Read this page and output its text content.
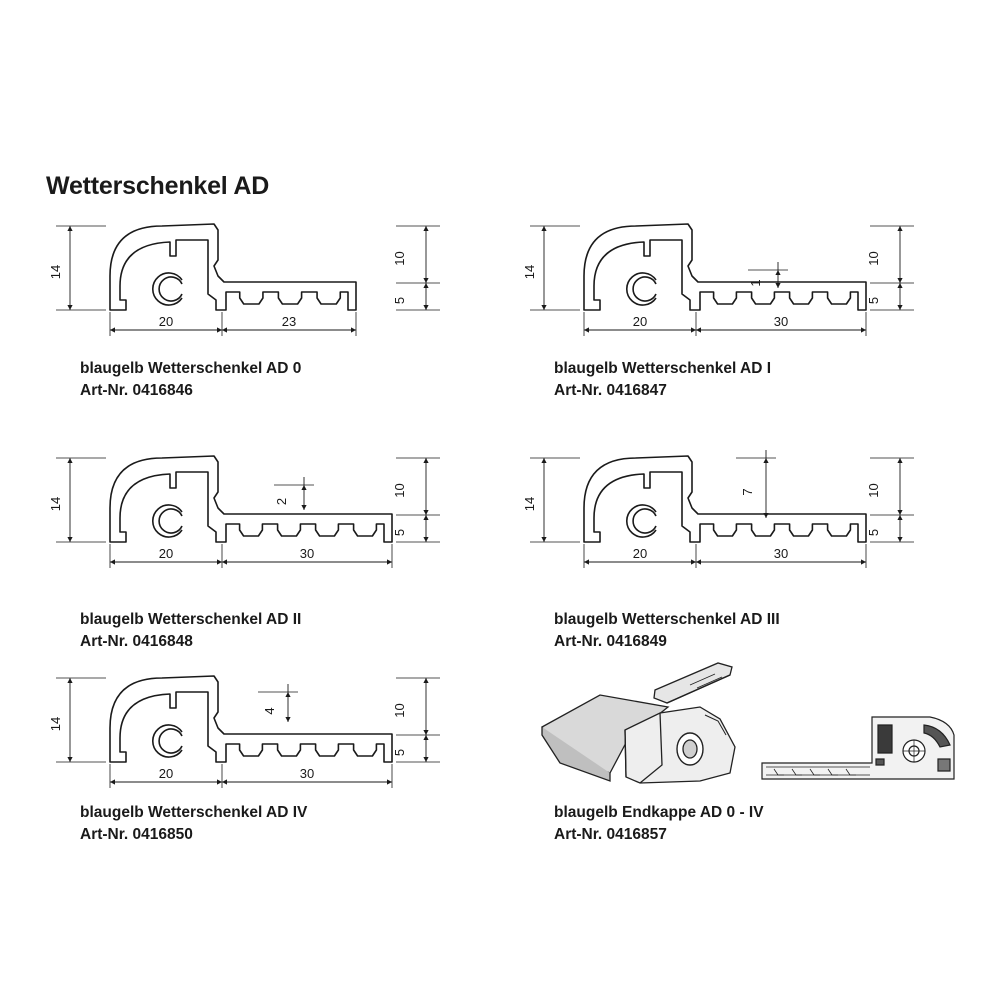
Wetterschenkel AD
14
10
5
20	23
blaugelb Wetterschenkel AD 0
Art-Nr. 0416846
14
10
5
20	30
1
blaugelb Wetterschenkel AD I
Art-Nr. 0416847
14
10
5
20	30
2
blaugelb Wetterschenkel AD II
Art-Nr. 0416848
14
10
5
20	30
7
blaugelb Wetterschenkel AD III
Art-Nr. 0416849
14
10
5
20	30
4
blaugelb Wetterschenkel AD IV
Art-Nr. 0416850
blaugelb Endkappe AD 0 - IV
Art-Nr. 0416857
